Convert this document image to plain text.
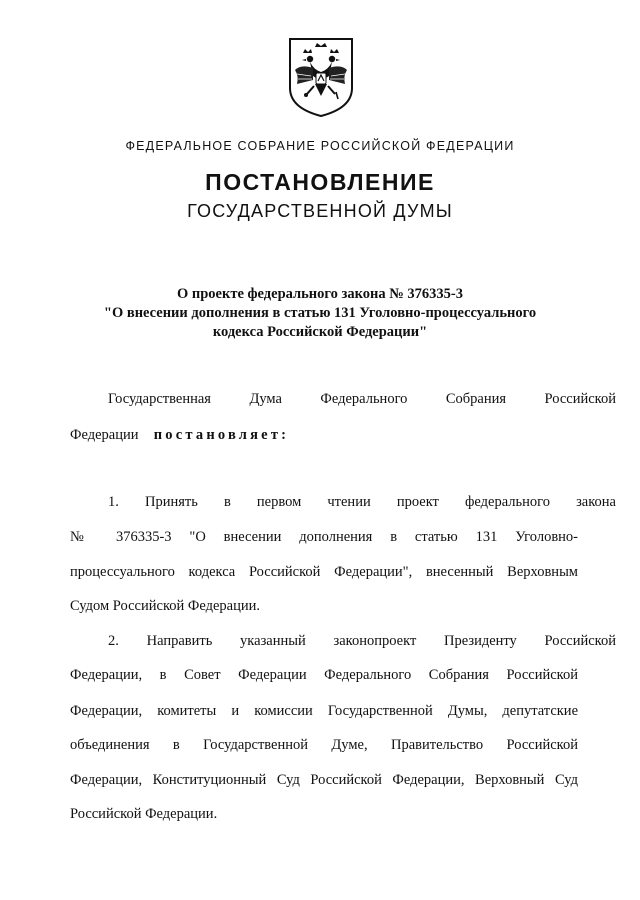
ФЕДЕРАЛЬНОЕ СОБРАНИЕ РОССИЙСКОЙ ФЕДЕРАЦИИ
ПОСТАНОВЛЕНИЕ
ГОСУДАРСТВЕННОЙ ДУМЫ
О проекте федерального закона № 376335-3
"О внесении дополнения в статью 131 Уголовно-процессуального
кодекса Российской Федерации"
Государственная Дума Федерального Собрания Российской
Федерации постановляет:
1. Принять в первом чтении проект федерального закона
№ 376335-3 "О внесении дополнения в статью 131 Уголовно-
процессуального кодекса Российской Федерации", внесенный Верховным
Судом Российской Федерации.
2. Направить указанный законопроект Президенту Российской
Федерации, в Совет Федерации Федерального Собрания Российской
Федерации, комитеты и комиссии Государственной Думы, депутатские
объединения в Государственной Думе, Правительство Российской
Федерации, Конституционный Суд Российской Федерации, Верховный Суд
Российской Федерации.
